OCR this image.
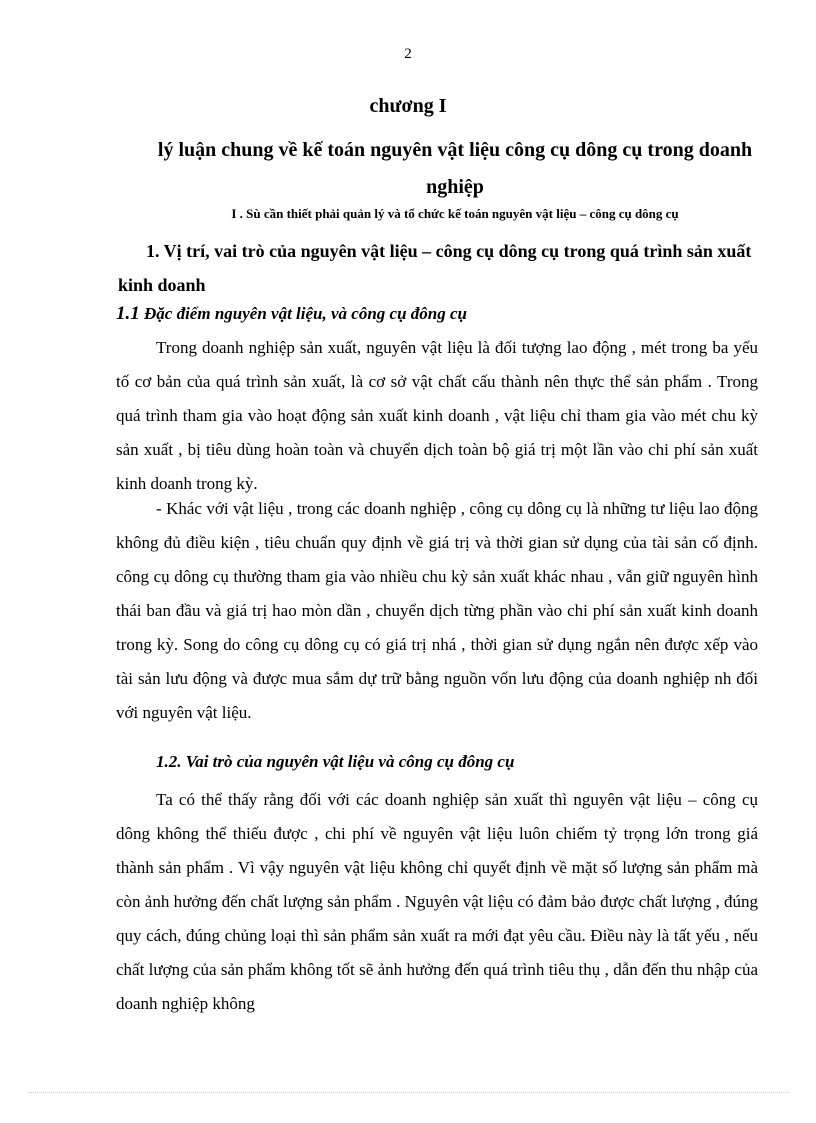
2
chương I
lý luận chung về kế toán nguyên vật liệu công cụ dông cụ trong doanh nghiệp
I . Sù cần thiết phải quản lý và tổ chức kế toán nguyên vật liệu – công cụ dông cụ
1. Vị trí, vai trò của nguyên vật liệu – công cụ dông cụ trong quá trình sản xuất kinh doanh
1.1 Đặc điểm nguyên vật liệu, và công cụ đông cụ
Trong doanh nghiệp sản xuất, nguyên vật liệu là đối tượng lao động , mét trong ba yếu tố cơ bản của quá trình sản xuất, là cơ sở vật chất cấu thành nên thực thể sản phẩm . Trong quá trình tham gia vào hoạt động sản xuất kinh doanh , vật liệu chỉ tham gia vào mét chu kỳ sản xuất , bị tiêu dùng hoàn toàn và chuyển dịch toàn bộ giá trị một lần vào chi phí sản xuất kinh doanh trong kỳ.
- Khác với vật liệu , trong các doanh nghiệp , công cụ dông cụ là những tư liệu lao động không đủ điều kiện , tiêu chuẩn quy định về giá trị và thời gian sử dụng của tài sản cố định. công cụ dông cụ thường tham gia vào nhiều chu kỳ sản xuất khác nhau , vẫn giữ nguyên hình thái ban đầu và giá trị hao mòn dần , chuyển dịch từng phần vào chi phí sản xuất kinh doanh trong kỳ. Song do công cụ dông cụ có giá trị nhá , thời gian sử dụng ngắn nên được xếp vào tài sản lưu động và được mua sắm dự trữ bằng nguồn vốn lưu động của doanh nghiệp nh đối với nguyên vật liệu.
1.2. Vai trò của nguyên vật liệu và công cụ đông cụ
Ta có thể thấy rằng đối với các doanh nghiệp sản xuất thì nguyên vật liệu – công cụ dông không thể thiếu được , chi phí về nguyên vật liệu luôn chiếm tỷ trọng lớn trong giá thành sản phẩm . Vì vậy nguyên vật liệu không chỉ quyết định về mặt số lượng sản phẩm mà còn ảnh hưởng đến chất lượng sản phẩm . Nguyên vật liệu có đảm bảo được chất lượng , đúng quy cách, đúng chủng loại thì sản phẩm sản xuất ra mới đạt yêu cầu. Điều này là tất yếu , nếu chất lượng của sản phẩm không tốt sẽ ảnh hưởng đến quá trình tiêu thụ , dẫn đến thu nhập của doanh nghiệp không
